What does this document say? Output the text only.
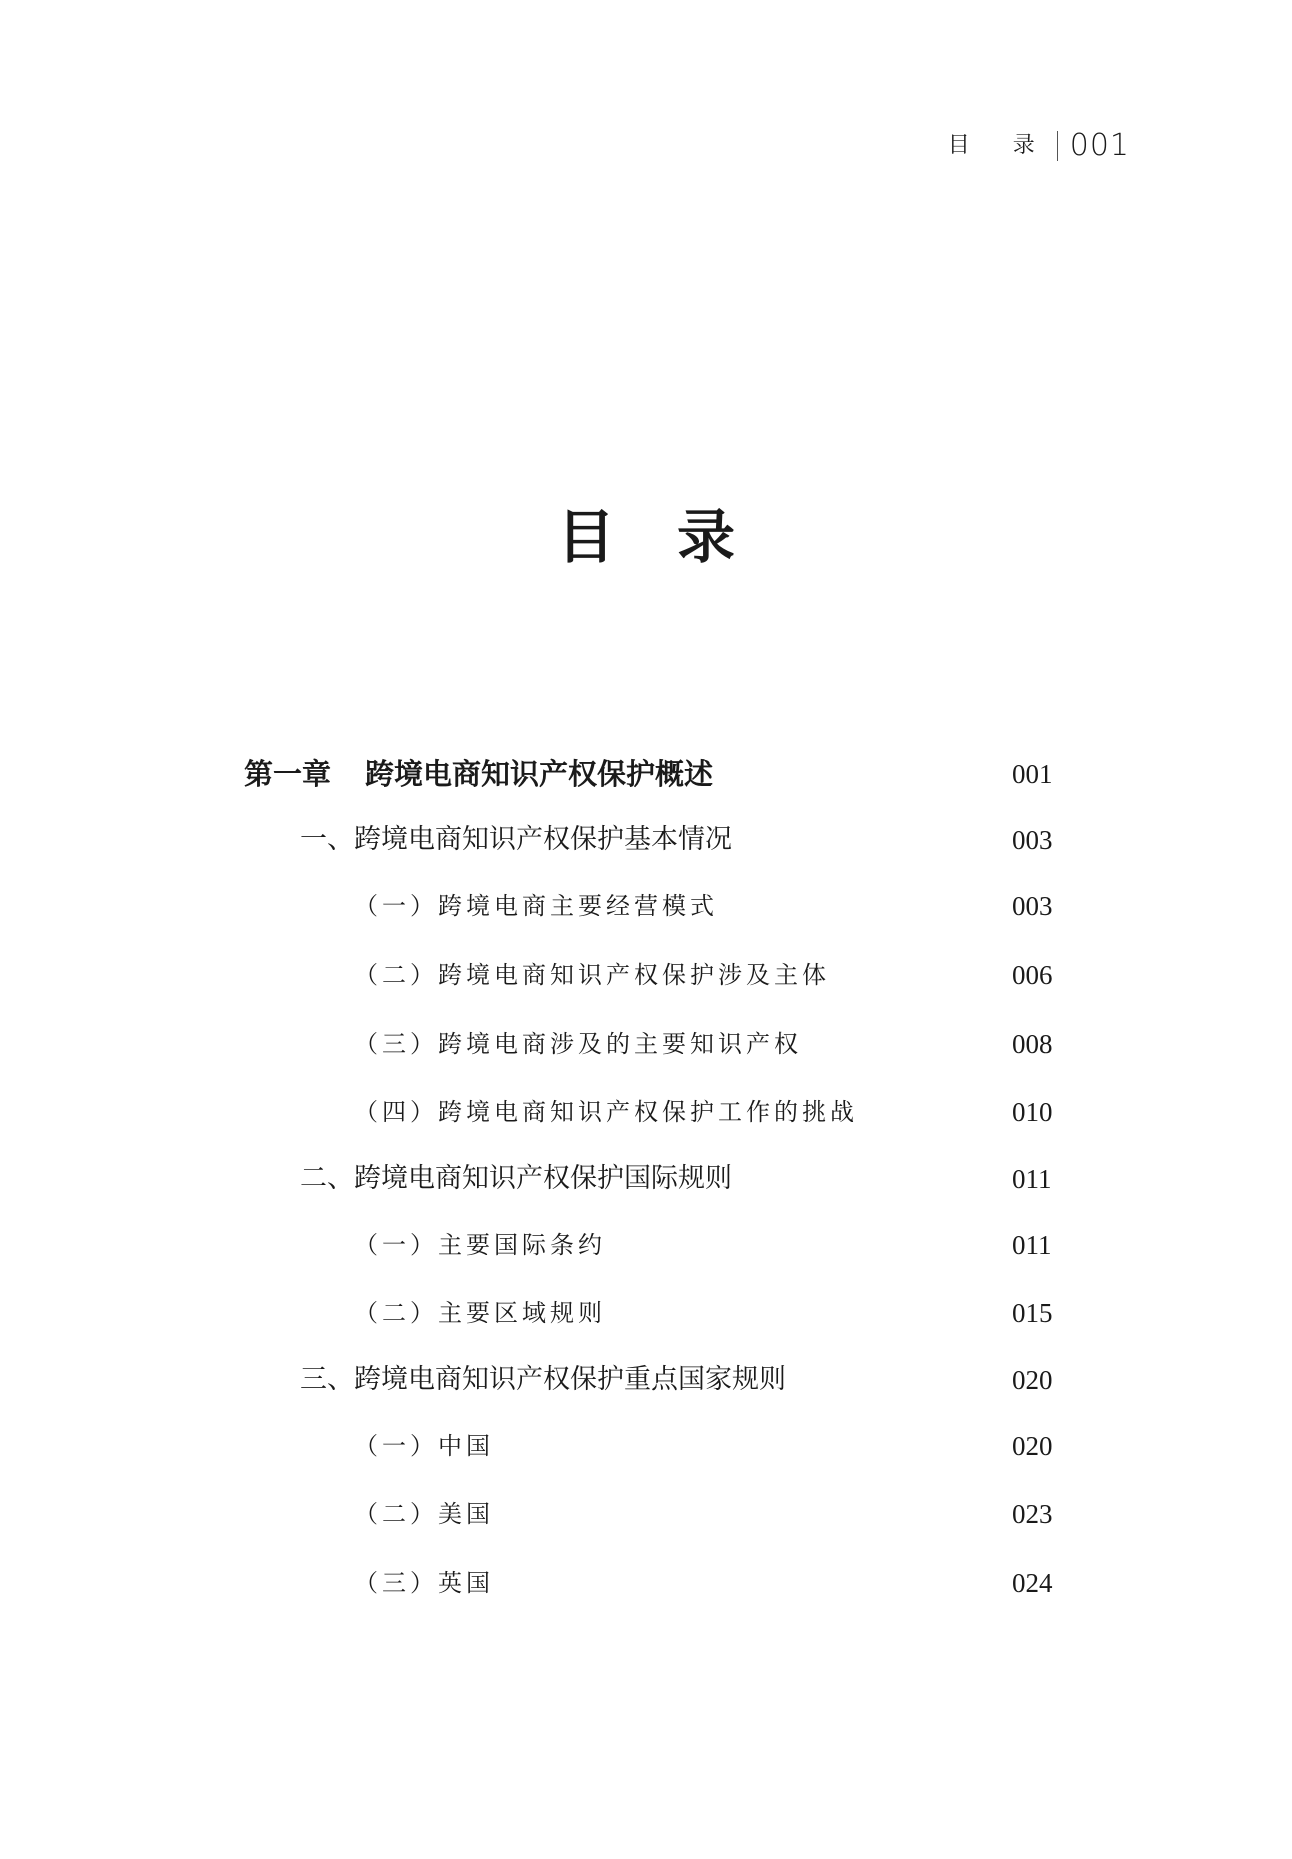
目 录 001
目录
第一章 跨境电商知识产权保护概述	001
一、跨境电商知识产权保护基本情况	003
（一）跨境电商主要经营模式	003
（二）跨境电商知识产权保护涉及主体	006
（三）跨境电商涉及的主要知识产权	008
（四）跨境电商知识产权保护工作的挑战	010
二、跨境电商知识产权保护国际规则	011
（一）主要国际条约	011
（二）主要区域规则	015
三、跨境电商知识产权保护重点国家规则	020
（一）中国	020
（二）美国	023
（三）英国	024
